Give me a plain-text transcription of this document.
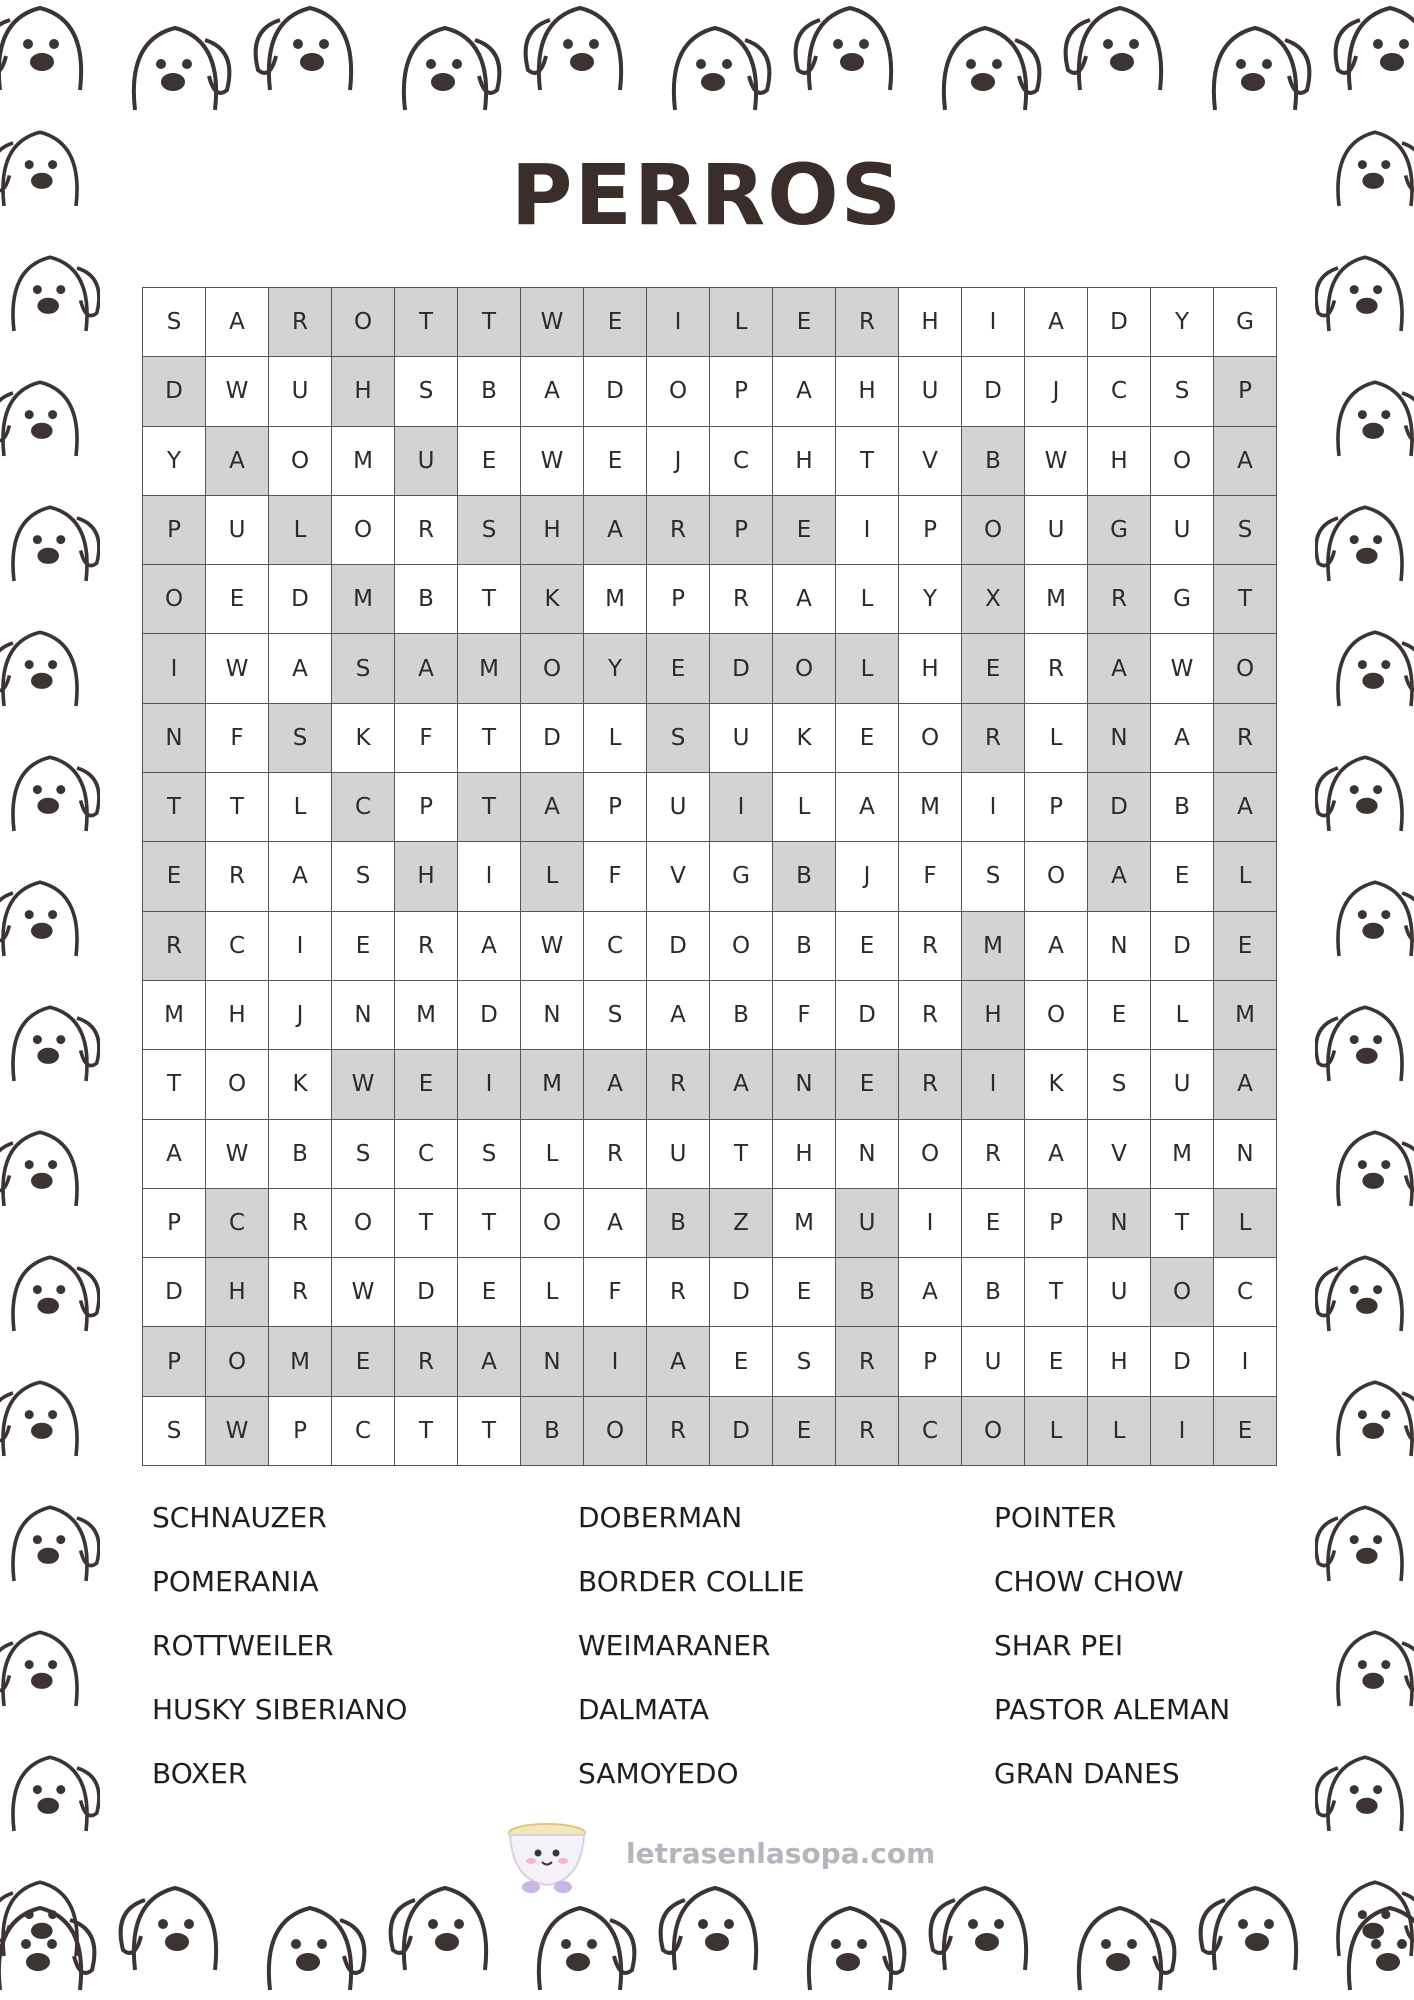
PERROS
S	A	R	O	T	T	W	E	I	L	E	R	H	I	A	D	Y	G
D	W	U	H	S	B	A	D	O	P	A	H	U	D	J	C	S	P
Y	A	O	M	U	E	W	E	J	C	H	T	V	B	W	H	O	A
P	U	L	O	R	S	H	A	R	P	E	I	P	O	U	G	U	S
O	E	D	M	B	T	K	M	P	R	A	L	Y	X	M	R	G	T
I	W	A	S	A	M	O	Y	E	D	O	L	H	E	R	A	W	O
N	F	S	K	F	T	D	L	S	U	K	E	O	R	L	N	A	R
T	T	L	C	P	T	A	P	U	I	L	A	M	I	P	D	B	A
E	R	A	S	H	I	L	F	V	G	B	J	F	S	O	A	E	L
R	C	I	E	R	A	W	C	D	O	B	E	R	M	A	N	D	E
M	H	J	N	M	D	N	S	A	B	F	D	R	H	O	E	L	M
T	O	K	W	E	I	M	A	R	A	N	E	R	I	K	S	U	A
A	W	B	S	C	S	L	R	U	T	H	N	O	R	A	V	M	N
P	C	R	O	T	T	O	A	B	Z	M	U	I	E	P	N	T	L
D	H	R	W	D	E	L	F	R	D	E	B	A	B	T	U	O	C
P	O	M	E	R	A	N	I	A	E	S	R	P	U	E	H	D	I
S	W	P	C	T	T	B	O	R	D	E	R	C	O	L	L	I	E
SCHNAUZER	DOBERMAN	POINTER
POMERANIA	BORDER COLLIE	CHOW CHOW
ROTTWEILER	WEIMARANER	SHAR PEI
HUSKY SIBERIANO	DALMATA	PASTOR ALEMAN
BOXER	SAMOYEDO	GRAN DANES
letrasenlasopa.com
